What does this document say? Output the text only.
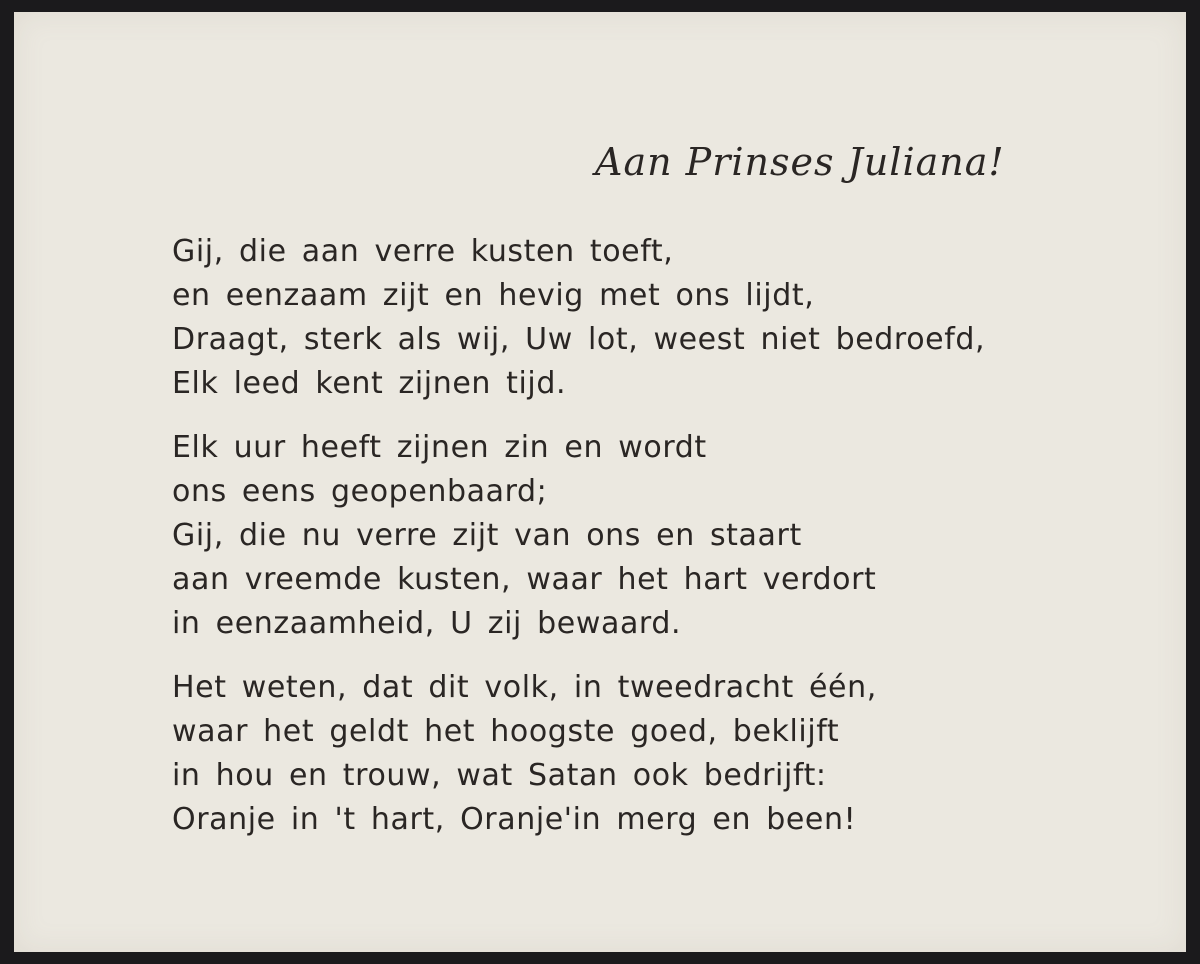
Aan Prinses Juliana!
Gij, die aan verre kusten toeft,
en eenzaam zijt en hevig met ons lijdt,
Draagt, sterk als wij, Uw lot, weest niet bedroefd,
Elk leed kent zijnen tijd.
Elk uur heeft zijnen zin en wordt
ons eens geopenbaard;
Gij, die nu verre zijt van ons en staart
aan vreemde kusten, waar het hart verdort
in eenzaamheid, U zij bewaard.
Het weten, dat dit volk, in tweedracht één,
waar het geldt het hoogste goed, beklijft
in hou en trouw, wat Satan ook bedrijft:
Oranje in 't hart, Oranje'in merg en been!
